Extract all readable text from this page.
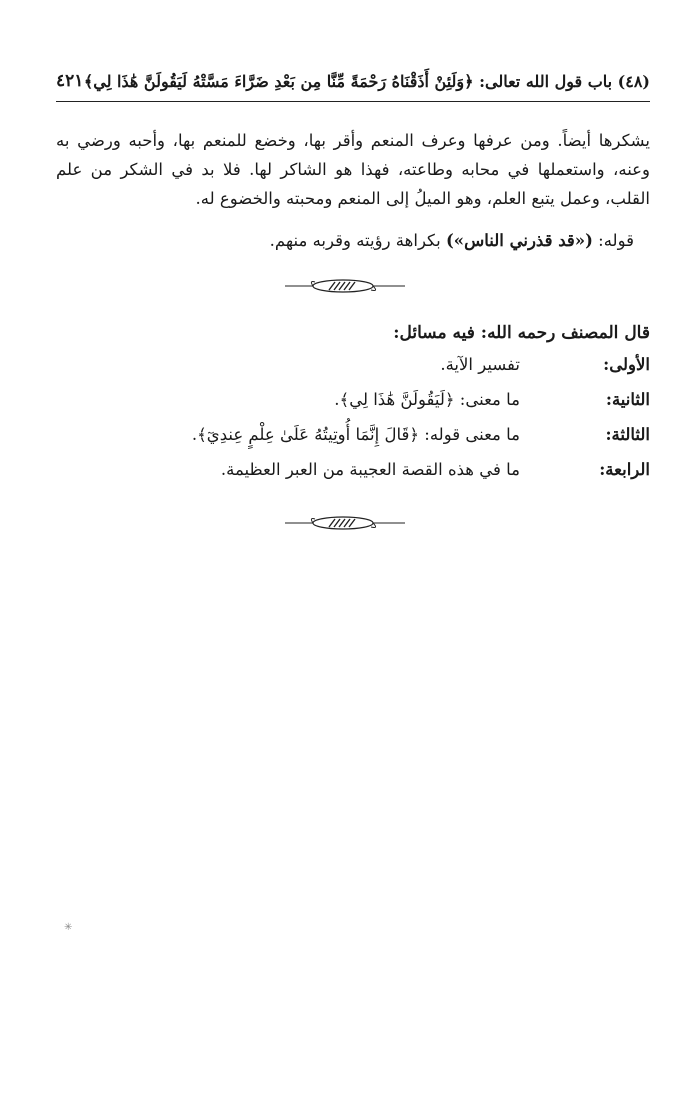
(٤٨) باب قول الله تعالى: ﴿وَلَئِنْ أَذَقْنَاهُ رَحْمَةً مِّنَّا مِن بَعْدِ ضَرَّاءَ مَسَّتْهُ لَيَقُولَنَّ هَٰذَا لِي﴾
٤٢١

يشكرها أيضاً. ومن عرفها وعرف المنعم وأقر بها، وخضع للمنعم بها، وأحبه ورضي به وعنه، واستعملها في محابه وطاعته، فهذا هو الشاكر لها. فلا بد في الشكر من علم القلب، وعمل يتبع العلم، وهو الميلُ إلى المنعم ومحبته والخضوع له.

قوله: («قد قذرني الناس») بكراهة رؤيته وقربه منهم.
قال المصنف رحمه الله: فيه مسائل:
الأولى:
تفسير الآية.
الثانية:
ما معنى: ﴿لَيَقُولَنَّ هَٰذَا لِي﴾.
الثالثة:
ما معنى قوله: ﴿قَالَ إِنَّمَا أُوتِيتُهُ عَلَىٰ عِلْمٍ عِندِيٓ﴾.
الرابعة:
ما في هذه القصة العجيبة من العبر العظيمة.
✳
